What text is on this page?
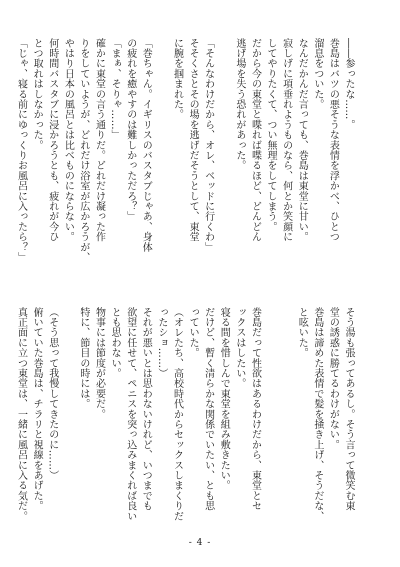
――参ったな……。
巻島はバツの悪そうな表情を浮かべ、ひとつ
溜息をついた。
なんだかんだ言っても、巻島は東堂に甘い。
寂しげに項垂れようものなら、何とか笑顔に
してやりたくて、つい無理をしてしまう。
だから今の東堂と喋れば喋るほど、どんどん
逃げ場を失う恐れがあった。

「そんなわけだから、オレ、ベッドに行くわ」
そそくさとその場を逃げだそうとして、東堂
に腕を掴まれた。

「巻ちゃん。イギリスのバスタブじゃあ、身体
の疲れを癒やすのは難しかっただろ？」
「まぁ、そりゃ……」
確かに東堂の言う通りだ。どれだけ凝った作
りをしていようが、どれだけ浴室が広かろうが、
やはり日本の風呂とは比べものにならない。
何時間バスタブに浸かろうとも、疲れが今ひ
とつ取れはしなかった。
「じゃ、寝る前にゆっくりお風呂に入ったら？」
そう湯も張ってあるし。そう言って微笑む東
堂の誘惑に勝てるわけがない。
巻島は諦めた表情で髪を掻き上げ、そうだな、
と呟いた。

巻島だって性欲はあるわけだから、東堂とセ
ックスはしたい。
寝る間を惜しんで東堂を組み敷きたい。
だけど、暫く清らかな関係でいたい、とも思
っていた。
（オレたち、高校時代からセックスしまくりだ
ったショ……）
それが悪いとは思わないけれど、いつまでも
欲望に任せて、ペニスを突っ込みまくれば良い
とも思わない。
物事には節度が必要だ。
特に、節目の時には。

（そう思って我慢してきたのに……）
俯いていた巻島は、チラリと視線をあげた。
真正面に立つ東堂は、一緒に風呂に入る気だ。
- 4 -
